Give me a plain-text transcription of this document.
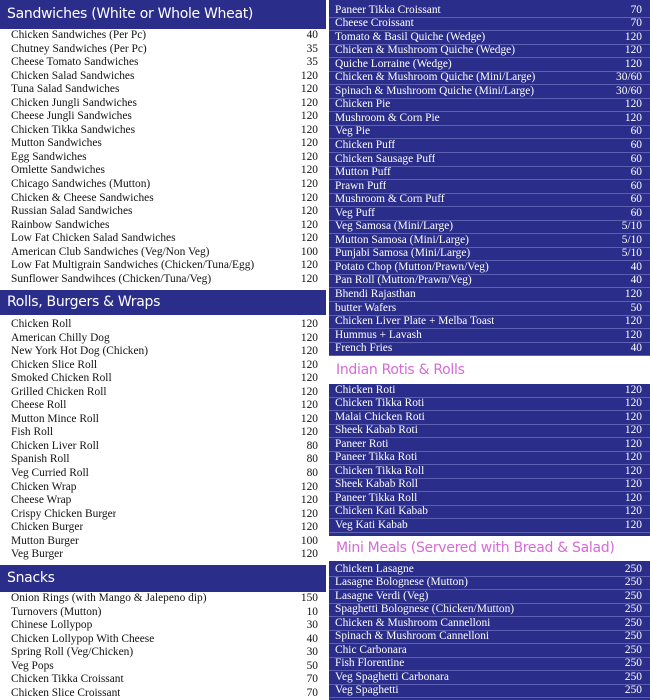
Sandwiches (White or Whole Wheat)
Chicken Sandwiches (Per Pc)	40
Chutney Sandwiches (Per Pc)	35
Cheese Tomato Sandwiches	35
Chicken Salad Sandwiches	120
Tuna Salad Sandwiches	120
Chicken Jungli Sandwiches	120
Cheese Jungli Sandwiches	120
Chicken Tikka Sandwiches	120
Mutton Sandwiches	120
Egg Sandwiches	120
Omlette Sandwiches	120
Chicago Sandwiches (Mutton)	120
Chicken & Cheese Sandwiches	120
Russian Salad Sandwiches	120
Rainbow Sandwiches	120
Low Fat Chicken Salad Sandwiches	120
American Club Sandwiches (Veg/Non Veg)	100
Low Fat Multigrain Sandwiches (Chicken/Tuna/Egg)	120
Sunflower Sandwihces (Chicken/Tuna/Veg)	120
Rolls, Burgers & Wraps
Chicken Roll	120
American Chilly Dog	120
New York Hot Dog (Chicken)	120
Chicken Slice Roll	120
Smoked Chicken Roll	120
Grilled Chicken Roll	120
Cheese Roll	120
Mutton Mince Roll	120
Fish Roll	120
Chicken Liver Roll	80
Spanish Roll	80
Veg Curried Roll	80
Chicken Wrap	120
Cheese Wrap	120
Crispy Chicken Burger	120
Chicken Burger	120
Mutton Burger	100
Veg Burger	120
Snacks
Onion Rings (with Mango & Jalepeno dip)	150
Turnovers (Mutton)	10
Chinese Lollypop	30
Chicken Lollypop With Cheese	40
Spring Roll (Veg/Chicken)	30
Veg Pops	50
Chicken Tikka Croissant	70
Chicken Slice Croissant	70
Paneer Tikka Croissant	70
Cheese Croissant	70
Tomato & Basil Quiche (Wedge)	120
Chicken & Mushroom Quiche (Wedge)	120
Quiche Lorraine (Wedge)	120
Chicken & Mushroom Quiche (Mini/Large)	30/60
Spinach & Mushroom Quiche (Mini/Large)	30/60
Chicken Pie	120
Mushroom & Corn Pie	120
Veg Pie	60
Chicken Puff	60
Chicken Sausage Puff	60
Mutton Puff	60
Prawn Puff	60
Mushroom & Corn Puff	60
Veg Puff	60
Veg Samosa (Mini/Large)	5/10
Mutton Samosa (Mini/Large)	5/10
Punjabi Samosa (Mini/Large)	5/10
Potato Chop (Mutton/Prawn/Veg)	40
Pan Roll (Mutton/Prawn/Veg)	40
Bhendi Rajasthan	120
butter Wafers	50
Chicken Liver Plate + Melba Toast	120
Hummus + Lavash	120
French Fries	40
Indian Rotis & Rolls
Chicken Roti	120
Chicken Tikka Roti	120
Malai Chicken Roti	120
Sheek Kabab Roti	120
Paneer Roti	120
Paneer Tikka Roti	120
Chicken Tikka Roll	120
Sheek Kabab Roll	120
Paneer Tikka Roll	120
Chicken Kati Kabab	120
Veg Kati Kabab	120
Mini Meals (Servered with Bread & Salad)
Chicken Lasagne	250
Lasagne Bolognese (Mutton)	250
Lasagne Verdi (Veg)	250
Spaghetti Bolognese (Chicken/Mutton)	250
Chicken & Mushroom Cannelloni	250
Spinach & Mushroom Cannelloni	250
Chic Carbonara	250
Fish Florentine	250
Veg Spaghetti Carbonara	250
Veg Spaghetti	250
